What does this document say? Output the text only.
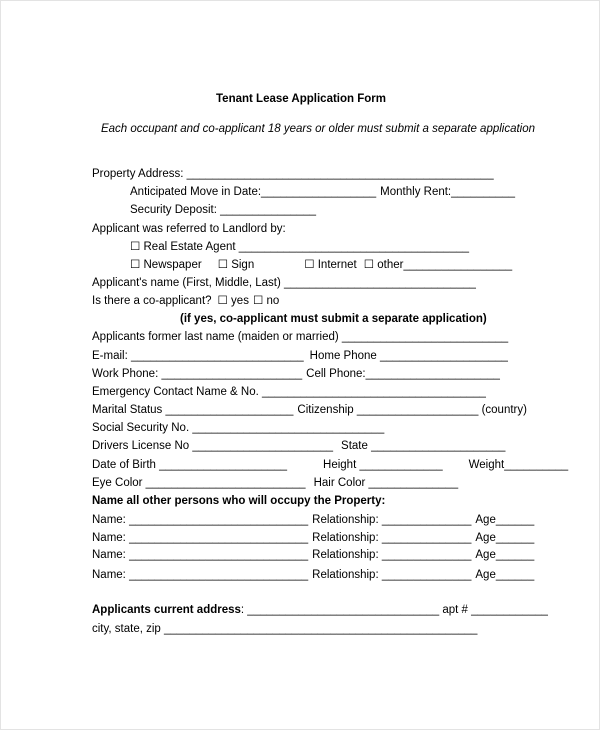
Tenant Lease Application Form
Each occupant and co-applicant 18 years or older must submit a separate application
Property Address: ________________________________________________
Anticipated Move in Date:__________________ Monthly Rent:__________
Security Deposit: _______________
Applicant was referred to Landlord by:
☐ Real Estate Agent ____________________________________
☐ Newspaper ☐ Sign	☐ Internet ☐ other_________________
Applicant's name (First, Middle, Last) ______________________________
Is there a co-applicant? ☐ yes ☐ no
(if yes, co-applicant must submit a separate application)
Applicants former last name (maiden or married) __________________________
E-mail: ___________________________ Home Phone ____________________
Work Phone: ______________________ Cell Phone:_____________________
Emergency Contact Name & No. ___________________________________
Marital Status ____________________ Citizenship ___________________ (country)
Social Security No. ______________________________
Drivers License No ______________________ State _____________________
Date of Birth ____________________	Height _____________ Weight__________
Eye Color _________________________ Hair Color ______________
Name all other persons who will occupy the Property:
Name: ____________________________ Relationship: ______________ Age______
Name: ____________________________ Relationship: ______________ Age______
Name: ____________________________ Relationship: ______________ Age______
Name: ____________________________ Relationship: ______________ Age______
Applicants current address: ______________________________ apt # ____________
city, state, zip _________________________________________________
